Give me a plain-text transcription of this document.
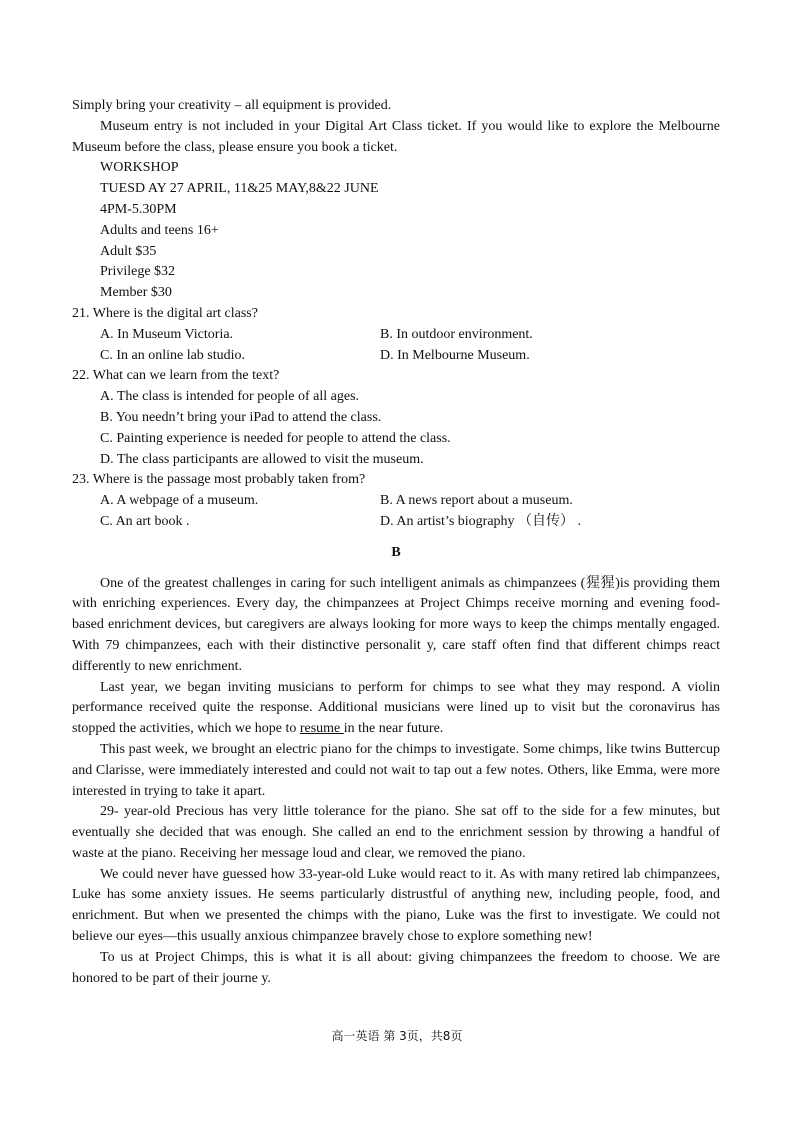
Simply bring your creativity – all equipment is provided.
Museum entry is not included in your Digital Art Class ticket. If you would like to explore the Melbourne Museum before the class, please ensure you book a ticket.
WORKSHOP
TUESD AY 27 APRIL, 11&25 MAY,8&22 JUNE
4PM-5.30PM
Adults and teens 16+
Adult $35
Privilege $32
Member $30
21. Where is the digital art class?
A. In Museum Victoria.	B. In outdoor environment.
C. In an online lab studio.	D. In Melbourne Museum.
22. What can we learn from the text?
A. The class is intended for people of all ages.
B. You needn’t bring your iPad to attend the class.
C. Painting experience is needed for people to attend the class.
D. The class participants are allowed to visit the museum.
23. Where is the passage most probably taken from?
A. A webpage of a museum.	B. A news report about a museum.
C. An art book .	D. An artist’s biography （自传） .
B
One of the greatest challenges in caring for such intelligent animals as chimpanzees (猩猩)is providing them with enriching experiences. Every day, the chimpanzees at Project Chimps receive morning and evening food-based enrichment devices, but caregivers are always looking for more ways to keep the chimps mentally engaged. With 79 chimpanzees, each with their distinctive personalit y, care staff often find that different chimps react differently to new enrichment.
Last year, we began inviting musicians to perform for chimps to see what they may respond. A violin performance received quite the response. Additional musicians were lined up to visit but the coronavirus has stopped the activities, which we hope to resume in the near future.
This past week, we brought an electric piano for the chimps to investigate. Some chimps, like twins Buttercup and Clarisse, were immediately interested and could not wait to tap out a few notes. Others, like Emma, were more interested in trying to take it apart.
29- year-old Precious has very little tolerance for the piano. She sat off to the side for a few minutes, but eventually she decided that was enough. She called an end to the enrichment session by throwing a handful of waste at the piano. Receiving her message loud and clear, we removed the piano.
We could never have guessed how 33-year-old Luke would react to it. As with many retired lab chimpanzees, Luke has some anxiety issues. He seems particularly distrustful of anything new, including people, food, and enrichment. But when we presented the chimps with the piano, Luke was the first to investigate. We could not believe our eyes—this usually anxious chimpanzee bravely chose to explore something new!
To us at Project Chimps, this is what it is all about: giving chimpanzees the freedom to choose. We are honored to be part of their journe y.
高一英语 第 3页，共8页
